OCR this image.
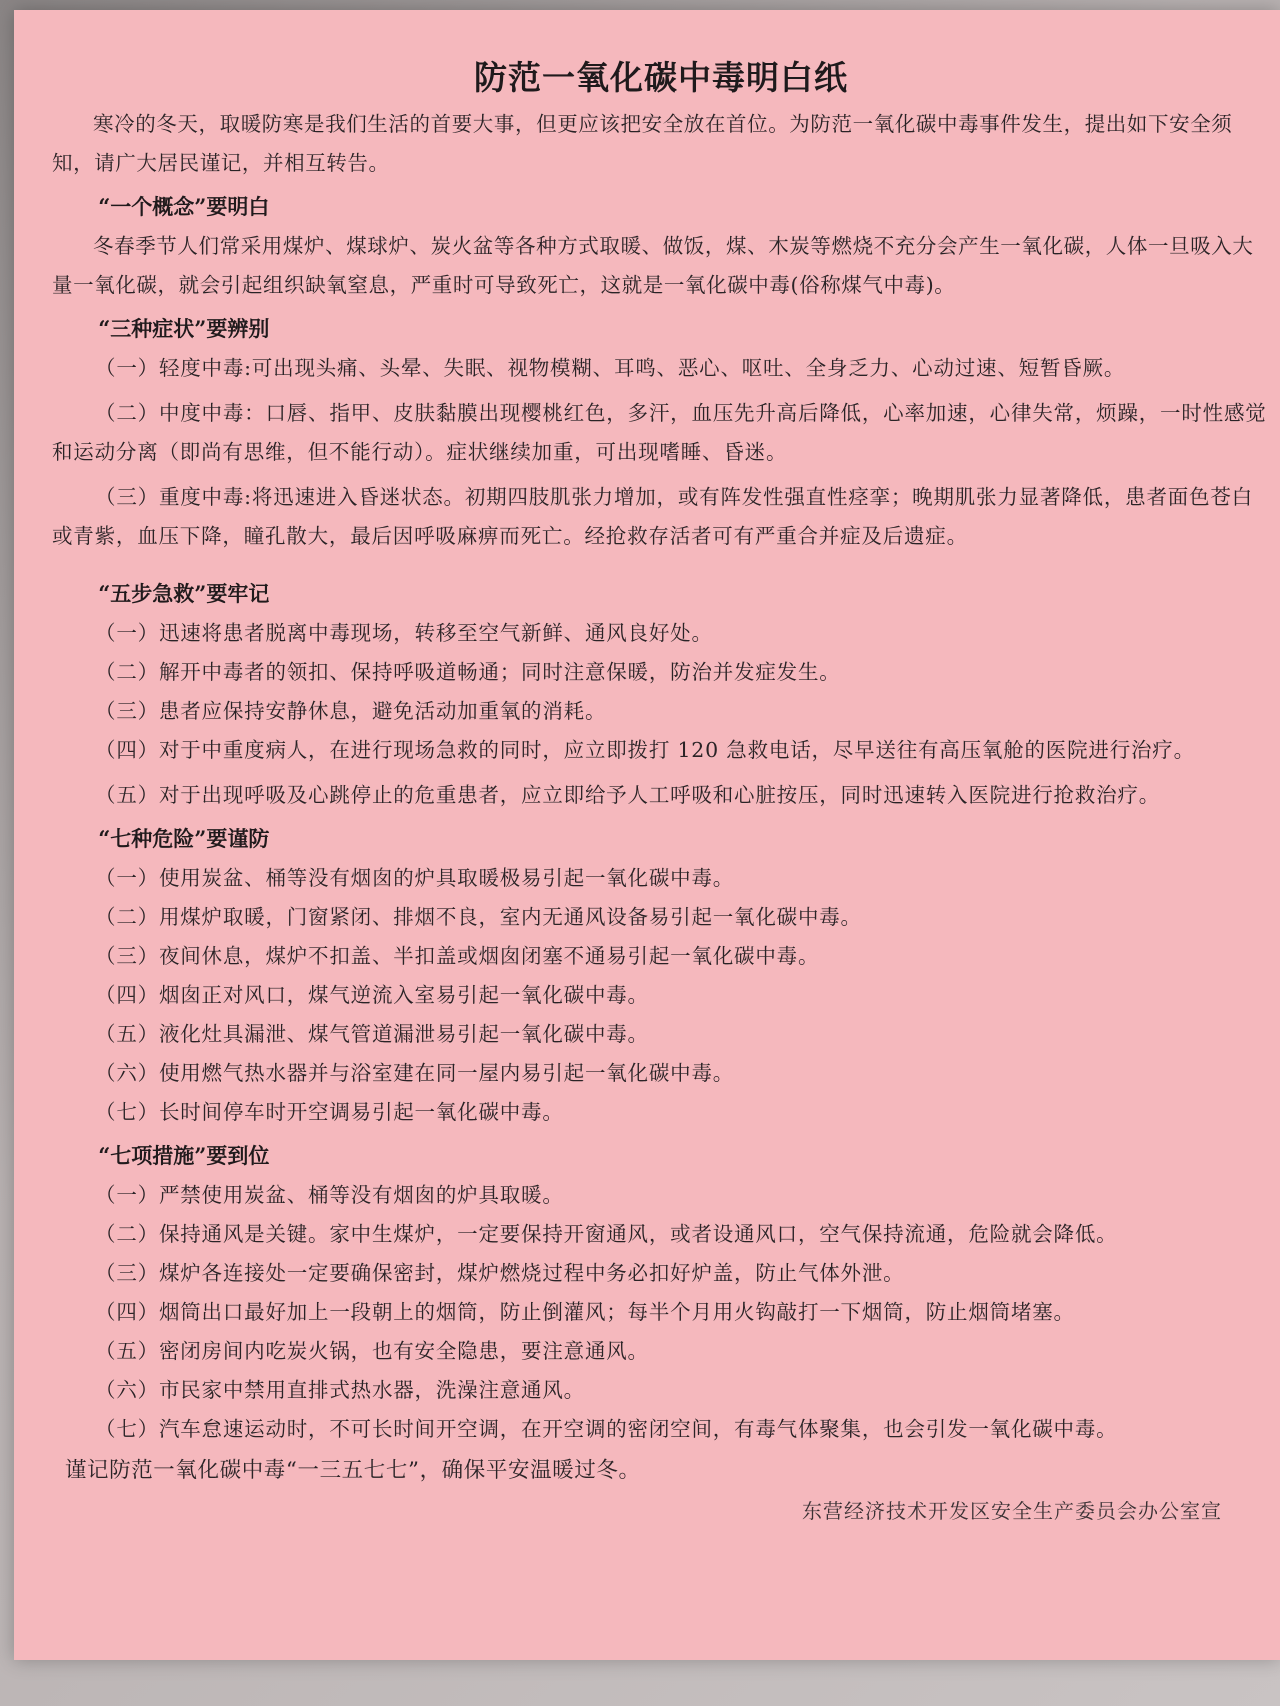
防范一氧化碳中毒明白纸

寒冷的冬天，取暖防寒是我们生活的首要大事，但更应该把安全放在首位。为防范一氧化碳中毒事件发生，提出如下安全须知，请广大居民谨记，并相互转告。

“一个概念”要明白

冬春季节人们常采用煤炉、煤球炉、炭火盆等各种方式取暖、做饭，煤、木炭等燃烧不充分会产生一氧化碳，人体一旦吸入大量一氧化碳，就会引起组织缺氧窒息，严重时可导致死亡，这就是一氧化碳中毒(俗称煤气中毒)。

“三种症状”要辨别

（一）轻度中毒:可出现头痛、头晕、失眠、视物模糊、耳鸣、恶心、呕吐、全身乏力、心动过速、短暂昏厥。

（二）中度中毒：口唇、指甲、皮肤黏膜出现樱桃红色，多汗，血压先升高后降低，心率加速，心律失常，烦躁，一时性感觉和运动分离（即尚有思维，但不能行动）。症状继续加重，可出现嗜睡、昏迷。

（三）重度中毒:将迅速进入昏迷状态。初期四肢肌张力增加，或有阵发性强直性痉挛；晚期肌张力显著降低，患者面色苍白或青紫，血压下降，瞳孔散大，最后因呼吸麻痹而死亡。经抢救存活者可有严重合并症及后遗症。

“五步急救”要牢记

（一）迅速将患者脱离中毒现场，转移至空气新鲜、通风良好处。

（二）解开中毒者的领扣、保持呼吸道畅通；同时注意保暖，防治并发症发生。

（三）患者应保持安静休息，避免活动加重氧的消耗。

（四）对于中重度病人，在进行现场急救的同时，应立即拨打 120 急救电话，尽早送往有高压氧舱的医院进行治疗。

（五）对于出现呼吸及心跳停止的危重患者，应立即给予人工呼吸和心脏按压，同时迅速转入医院进行抢救治疗。

“七种危险”要谨防

（一）使用炭盆、桶等没有烟囱的炉具取暖极易引起一氧化碳中毒。

（二）用煤炉取暖，门窗紧闭、排烟不良，室内无通风设备易引起一氧化碳中毒。

（三）夜间休息，煤炉不扣盖、半扣盖或烟囱闭塞不通易引起一氧化碳中毒。

（四）烟囱正对风口，煤气逆流入室易引起一氧化碳中毒。

（五）液化灶具漏泄、煤气管道漏泄易引起一氧化碳中毒。

（六）使用燃气热水器并与浴室建在同一屋内易引起一氧化碳中毒。

（七）长时间停车时开空调易引起一氧化碳中毒。

“七项措施”要到位

（一）严禁使用炭盆、桶等没有烟囱的炉具取暖。

（二）保持通风是关键。家中生煤炉，一定要保持开窗通风，或者设通风口，空气保持流通，危险就会降低。

（三）煤炉各连接处一定要确保密封，煤炉燃烧过程中务必扣好炉盖，防止气体外泄。

（四）烟筒出口最好加上一段朝上的烟筒，防止倒灌风；每半个月用火钩敲打一下烟筒，防止烟筒堵塞。

（五）密闭房间内吃炭火锅，也有安全隐患，要注意通风。

（六）市民家中禁用直排式热水器，洗澡注意通风。

（七）汽车怠速运动时，不可长时间开空调，在开空调的密闭空间，有毒气体聚集，也会引发一氧化碳中毒。

谨记防范一氧化碳中毒“一三五七七”，确保平安温暖过冬。

东营经济技术开发区安全生产委员会办公室宣
